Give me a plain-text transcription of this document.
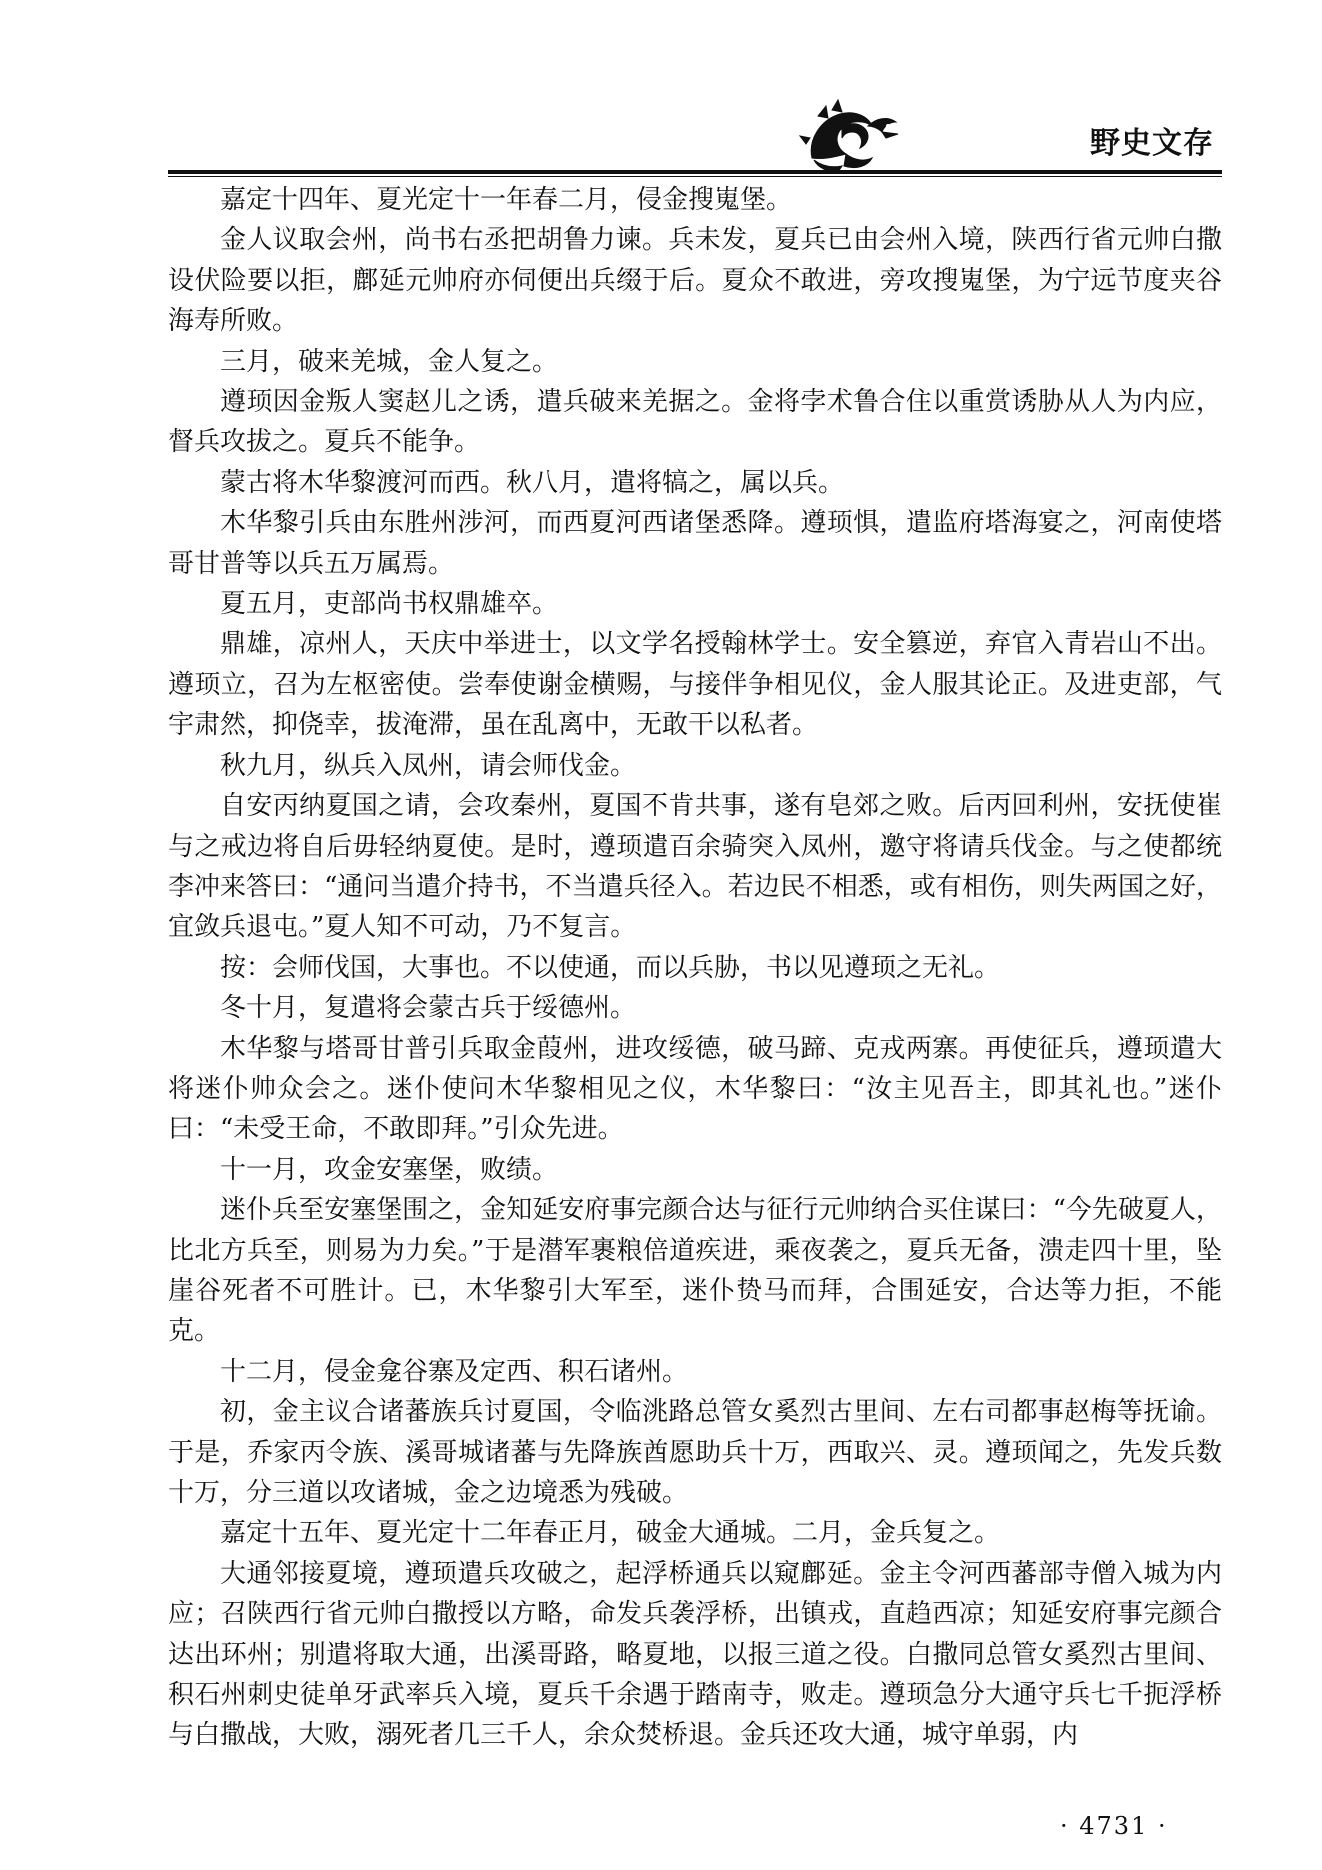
野史文存

嘉定十四年、夏光定十一年春二月，侵金搜嵬堡。

金人议取会州，尚书右丞把胡鲁力谏。兵未发，夏兵已由会州入境，陕西行省元帅白撒设伏险要以拒，鄜延元帅府亦伺便出兵缀于后。夏众不敢进，旁攻搜嵬堡，为宁远节度夹谷海寿所败。

三月，破来羌城，金人复之。

遵顼因金叛人窦赵儿之诱，遣兵破来羌据之。金将孛术鲁合住以重赏诱胁从人为内应，督兵攻拔之。夏兵不能争。

蒙古将木华黎渡河而西。秋八月，遣将犒之，属以兵。

木华黎引兵由东胜州涉河，而西夏河西诸堡悉降。遵顼惧，遣监府塔海宴之，河南使塔哥甘普等以兵五万属焉。

夏五月，吏部尚书权鼎雄卒。

鼎雄，凉州人，天庆中举进士，以文学名授翰林学士。安全篡逆，弃官入青岩山不出。遵顼立，召为左枢密使。尝奉使谢金横赐，与接伴争相见仪，金人服其论正。及进吏部，气宇肃然，抑侥幸，拔淹滞，虽在乱离中，无敢干以私者。

秋九月，纵兵入凤州，请会师伐金。

自安丙纳夏国之请，会攻秦州，夏国不肯共事，遂有皂郊之败。后丙回利州，安抚使崔与之戒边将自后毋轻纳夏使。是时，遵顼遣百余骑突入凤州，邀守将请兵伐金。与之使都统李冲来答曰：“通问当遣介持书，不当遣兵径入。若边民不相悉，或有相伤，则失两国之好，宜敛兵退屯。”夏人知不可动，乃不复言。

按：会师伐国，大事也。不以使通，而以兵胁，书以见遵顼之无礼。

冬十月，复遣将会蒙古兵于绥德州。

木华黎与塔哥甘普引兵取金葭州，进攻绥德，破马蹄、克戎两寨。再使征兵，遵顼遣大将迷仆帅众会之。迷仆使问木华黎相见之仪，木华黎曰：“汝主见吾主，即其礼也。”迷仆曰：“未受王命，不敢即拜。”引众先进。

十一月，攻金安塞堡，败绩。

迷仆兵至安塞堡围之，金知延安府事完颜合达与征行元帅纳合买住谋曰：“今先破夏人，比北方兵至，则易为力矣。”于是潜军裹粮倍道疾进，乘夜袭之，夏兵无备，溃走四十里，坠崖谷死者不可胜计。已，木华黎引大军至，迷仆贽马而拜，合围延安，合达等力拒，不能克。

十二月，侵金龛谷寨及定西、积石诸州。

初，金主议合诸蕃族兵讨夏国，令临洮路总管女奚烈古里间、左右司都事赵梅等抚谕。于是，乔家丙令族、溪哥城诸蕃与先降族酋愿助兵十万，西取兴、灵。遵顼闻之，先发兵数十万，分三道以攻诸城，金之边境悉为残破。

嘉定十五年、夏光定十二年春正月，破金大通城。二月，金兵复之。

大通邻接夏境，遵顼遣兵攻破之，起浮桥通兵以窥鄜延。金主令河西蕃部寺僧入城为内应；召陕西行省元帅白撒授以方略，命发兵袭浮桥，出镇戎，直趋西凉；知延安府事完颜合达出环州；别遣将取大通，出溪哥路，略夏地，以报三道之役。白撒同总管女奚烈古里间、积石州刺史徒单牙武率兵入境，夏兵千余遇于踏南寺，败走。遵顼急分大通守兵七千扼浮桥与白撒战，大败，溺死者几三千人，余众焚桥退。金兵还攻大通，城守单弱，内

· 4731 ·
